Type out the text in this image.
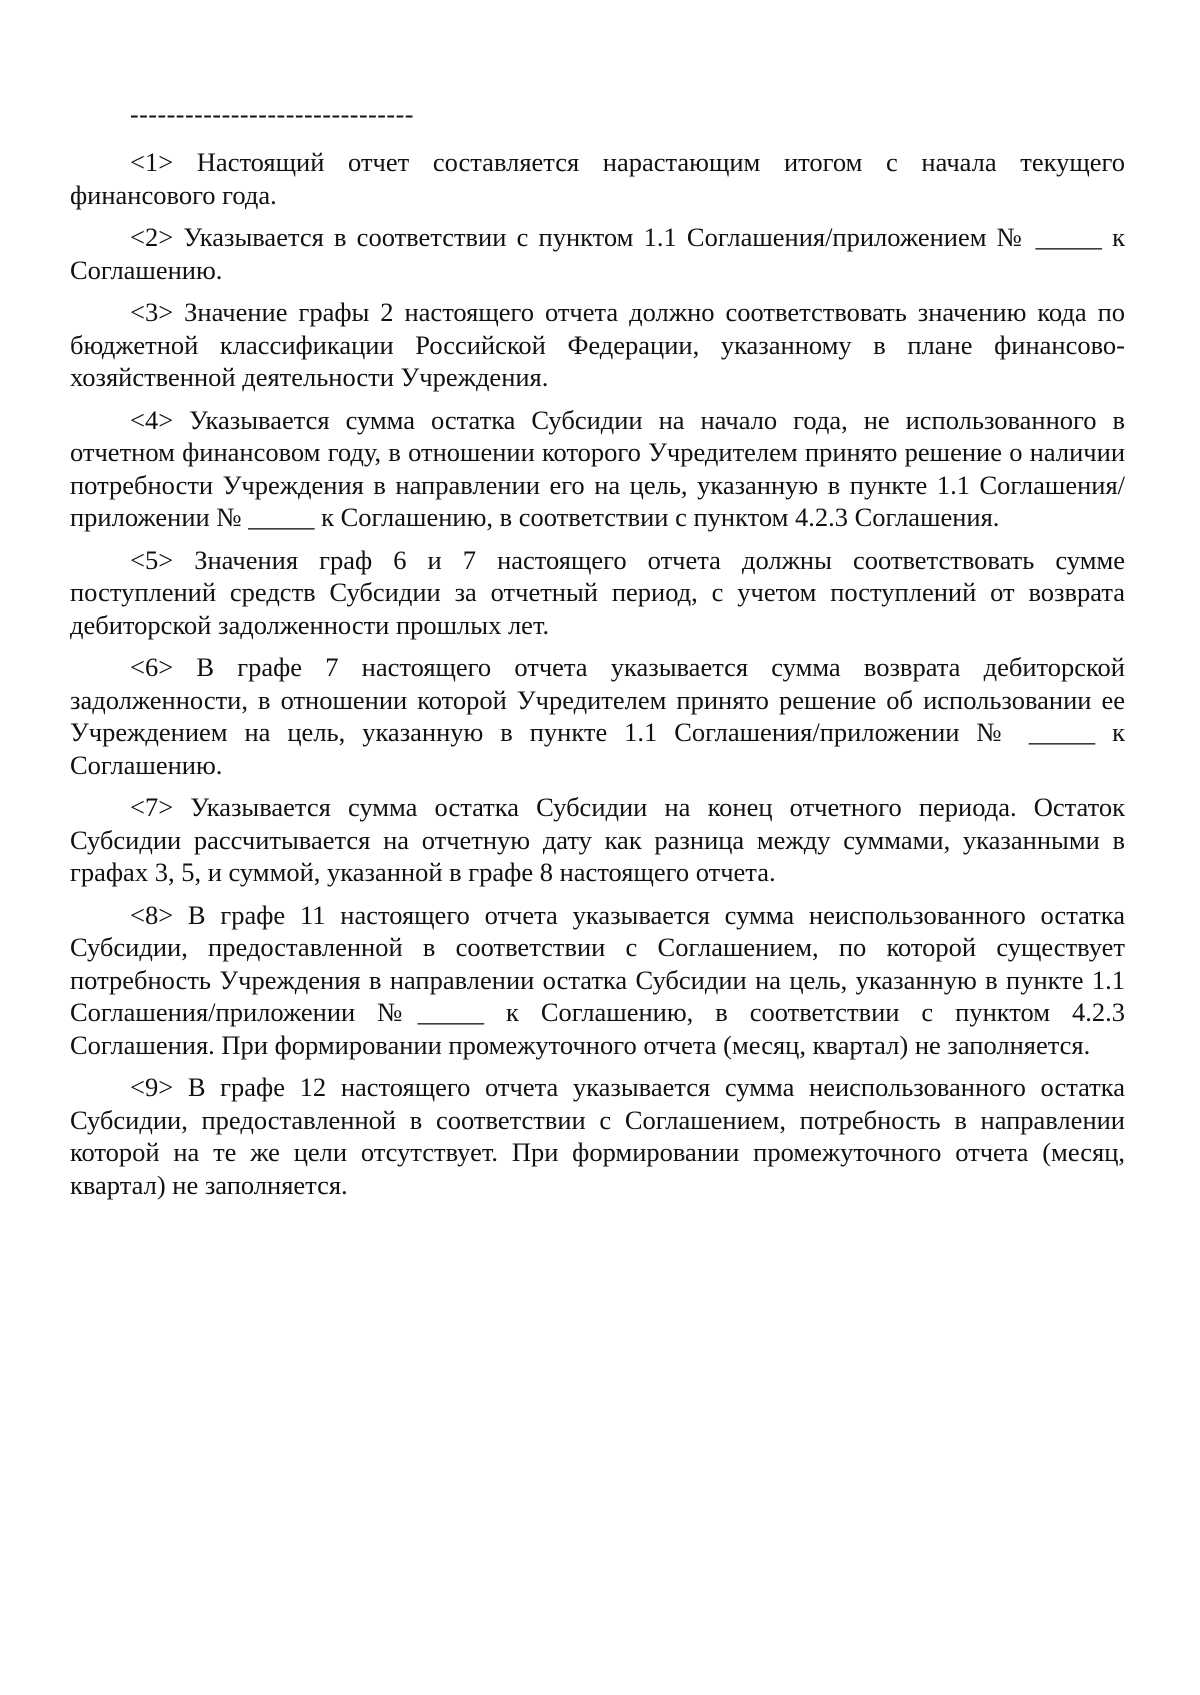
-------------------------------

<1> Настоящий отчет составляется нарастающим итогом с начала текущего финансового года.

<2> Указывается в соответствии с пунктом 1.1 Соглашения/приложением № _____ к Соглашению.

<3> Значение графы 2 настоящего отчета должно соответствовать значению кода по бюджетной классификации Российской Федерации, указанному в плане финансово-хозяйственной деятельности Учреждения.

<4> Указывается сумма остатка Субсидии на начало года, не использованного в отчетном финансовом году, в отношении которого Учредителем принято решение о наличии потребности Учреждения в направлении его на цель, указанную в пункте 1.1 Соглашения/приложении № _____ к Соглашению, в соответствии с пунктом 4.2.3 Соглашения.

<5> Значения граф 6 и 7 настоящего отчета должны соответствовать сумме поступлений средств Субсидии за отчетный период, с учетом поступлений от возврата дебиторской задолженности прошлых лет.

<6> В графе 7 настоящего отчета указывается сумма возврата дебиторской задолженности, в отношении которой Учредителем принято решение об использовании ее Учреждением на цель, указанную в пункте 1.1 Соглашения/приложении № _____ к Соглашению.

<7> Указывается сумма остатка Субсидии на конец отчетного периода. Остаток Субсидии рассчитывается на отчетную дату как разница между суммами, указанными в графах 3, 5, и суммой, указанной в графе 8 настоящего отчета.

<8> В графе 11 настоящего отчета указывается сумма неиспользованного остатка Субсидии, предоставленной в соответствии с Соглашением, по которой существует потребность Учреждения в направлении остатка Субсидии на цель, указанную в пункте 1.1 Соглашения/приложении №_____ к Соглашению, в соответствии с пунктом 4.2.3 Соглашения. При формировании промежуточного отчета (месяц, квартал) не заполняется.

<9> В графе 12 настоящего отчета указывается сумма неиспользованного остатка Субсидии, предоставленной в соответствии с Соглашением, потребность в направлении которой на те же цели отсутствует. При формировании промежуточного отчета (месяц, квартал) не заполняется.
